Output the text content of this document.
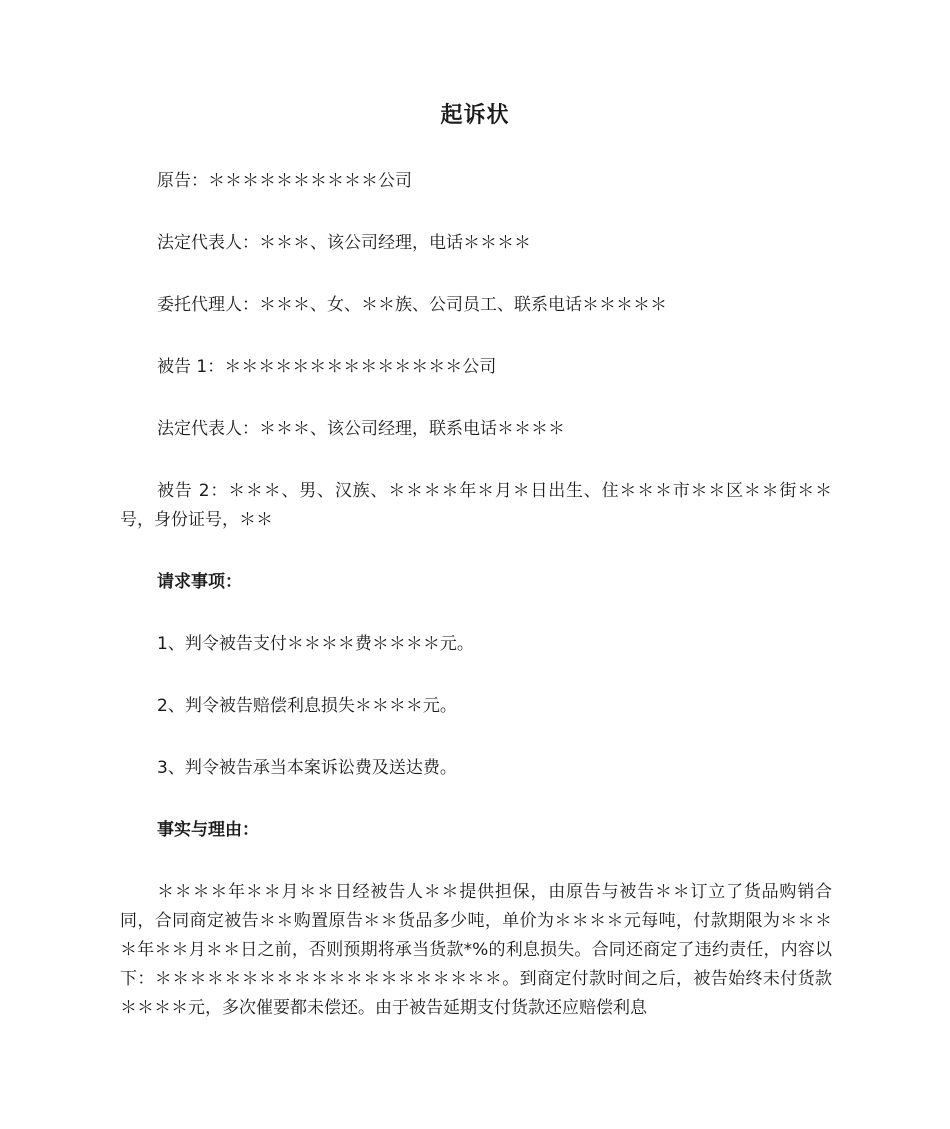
起诉状
原告：＊＊＊＊＊＊＊＊＊＊公司
法定代表人：＊＊＊、该公司经理，电话＊＊＊＊
委托代理人：＊＊＊、女、＊＊族、公司员工、联系电话＊＊＊＊＊
被告 1：＊＊＊＊＊＊＊＊＊＊＊＊＊＊公司
法定代表人：＊＊＊、该公司经理，联系电话＊＊＊＊
被告 2：＊＊＊、男、汉族、＊＊＊＊年＊月＊日出生、住＊＊＊市＊＊区＊＊街＊＊号，身份证号，＊＊
请求事项：
1、判令被告支付＊＊＊＊费＊＊＊＊元。
2、判令被告赔偿利息损失＊＊＊＊元。
3、判令被告承当本案诉讼费及送达费。
事实与理由：
＊＊＊＊年＊＊月＊＊日经被告人＊＊提供担保，由原告与被告＊＊订立了货品购销合同，合同商定被告＊＊购置原告＊＊货品多少吨，单价为＊＊＊＊元每吨，付款期限为＊＊＊＊年＊＊月＊＊日之前，否则预期将承当货款*%的利息损失。合同还商定了违约责任，内容以下：＊＊＊＊＊＊＊＊＊＊＊＊＊＊＊＊＊＊＊＊。到商定付款时间之后，被告始终未付货款＊＊＊＊元，多次催要都未偿还。由于被告延期支付货款还应赔偿利息
